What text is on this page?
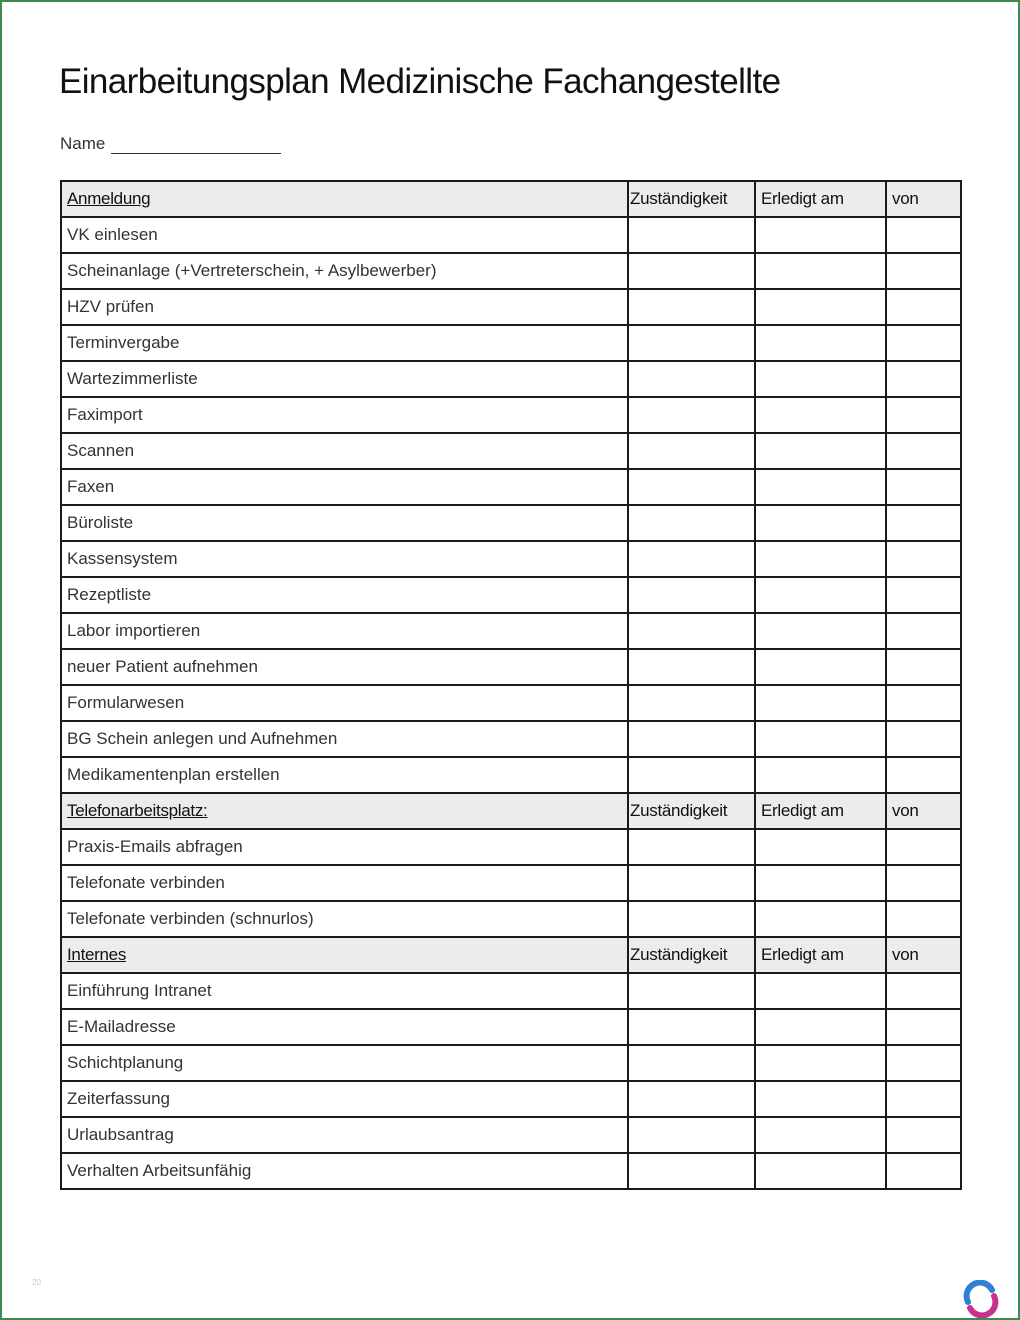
Einarbeitungsplan Medizinische Fachangestellte
Name
Anmeldung	Zuständigkeit	Erledigt am	von
VK einlesen			
Scheinanlage (+Vertreterschein, + Asylbewerber)			
HZV prüfen			
Terminvergabe			
Wartezimmerliste			
Faximport			
Scannen			
Faxen			
Büroliste			
Kassensystem			
Rezeptliste			
Labor importieren			
neuer Patient aufnehmen			
Formularwesen			
BG Schein anlegen und Aufnehmen			
Medikamentenplan erstellen			
Telefonarbeitsplatz:	Zuständigkeit	Erledigt am	von
Praxis-Emails abfragen			
Telefonate verbinden			
Telefonate verbinden (schnurlos)			
Internes	Zuständigkeit	Erledigt am	von
Einführung Intranet			
E-Mailadresse			
Schichtplanung			
Zeiterfassung			
Urlaubsantrag			
Verhalten Arbeitsunfähig			
20
